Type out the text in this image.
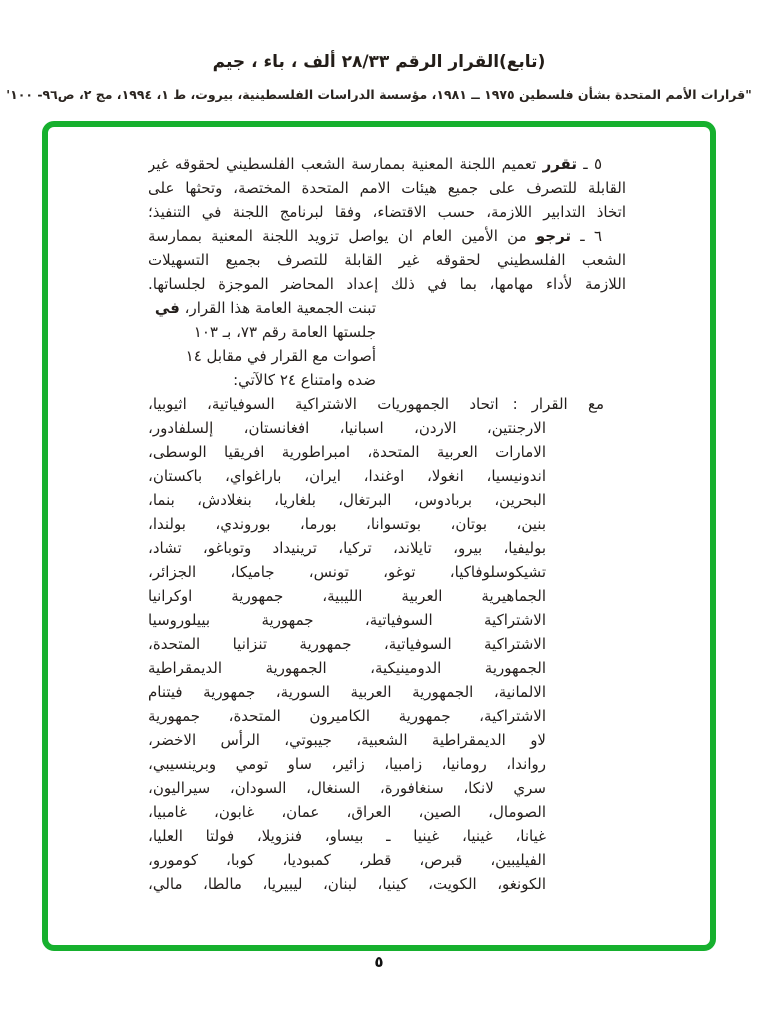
(تابع)القرار الرقم ٢٨/٣٣ ألف ، باء ، جيم
"قرارات الأمم المتحدة بشأن فلسطين ١٩٧٥ ــ ١٩٨١، مؤسسة الدراسات الفلسطينية، بيروت، ط ١، ١٩٩٤، مج ٢، ص٩٦- ١٠٠'
٥ ـ تقرر تعميم اللجنة المعنية بممارسة الشعب الفلسطيني لحقوقه غير
القابلة للتصرف على جميع هيئات الامم المتحدة المختصة، وتحثها على
اتخاذ التدابير اللازمة، حسب الاقتضاء، وفقا لبرنامج اللجنة في التنفيذ؛
٦ ـ ترجو من الأمين العام ان يواصل تزويد اللجنة المعنية بممارسة
الشعب الفلسطيني لحقوقه غير القابلة للتصرف بجميع التسهيلات
اللازمة لأداء مهامها، بما في ذلك إعداد المحاضر الموجزة لجلساتها.
تبنت الجمعية العامة هذا القرار، في
جلستها العامة رقم ٧٣، بـ ١٠٣
أصوات مع القرار في مقابل ١٤
ضده وامتناع ٢٤ كالآتي:
مع القرار:اتحاد الجمهوريات الاشتراكية السوفياتية، اثيوبيا،
الارجنتين، الاردن، اسبانيا، افغانستان، إلسلفادور،
الامارات العربية المتحدة، امبراطورية افريقيا الوسطى،
اندونيسيا، انغولا، اوغندا، ايران، باراغواي، باكستان،
البحرين، بربادوس، البرتغال، بلغاريا، بنغلادش، بنما،
بنين، بوتان، بوتسوانا، بورما، بوروندي، بولندا،
بوليفيا، بيرو، تايلاند، تركيا، ترينيداد وتوباغو، تشاد،
تشيكوسلوفاكيا، توغو، تونس، جاميكا، الجزائر،
الجماهيرية العربية الليبية، جمهورية اوكرانيا
الاشتراكية السوفياتية، جمهورية بييلوروسيا
الاشتراكية السوفياتية، جمهورية تنزانيا المتحدة،
الجمهورية الدومينيكية، الجمهورية الديمقراطية
الالمانية، الجمهورية العربية السورية، جمهورية فيتنام
الاشتراكية، جمهورية الكاميرون المتحدة، جمهورية
لاو الديمقراطية الشعبية، جيبوتي، الرأس الاخضر،
رواندا، رومانيا، زامبيا، زائير، ساو تومي وبرينسيبي،
سري لانكا، سنغافورة، السنغال، السودان، سيراليون،
الصومال، الصين، العراق، عمان، غابون، غامبيا،
غيانا، غينيا، غينيا ـ بيساو، فنزويلا، فولتا العليا،
الفيليبين، قبرص، قطر، كمبوديا، كوبا، كومورو،
الكونغو، الكويت، كينيا، لبنان، ليبيريا، مالطا، مالي،
٥
